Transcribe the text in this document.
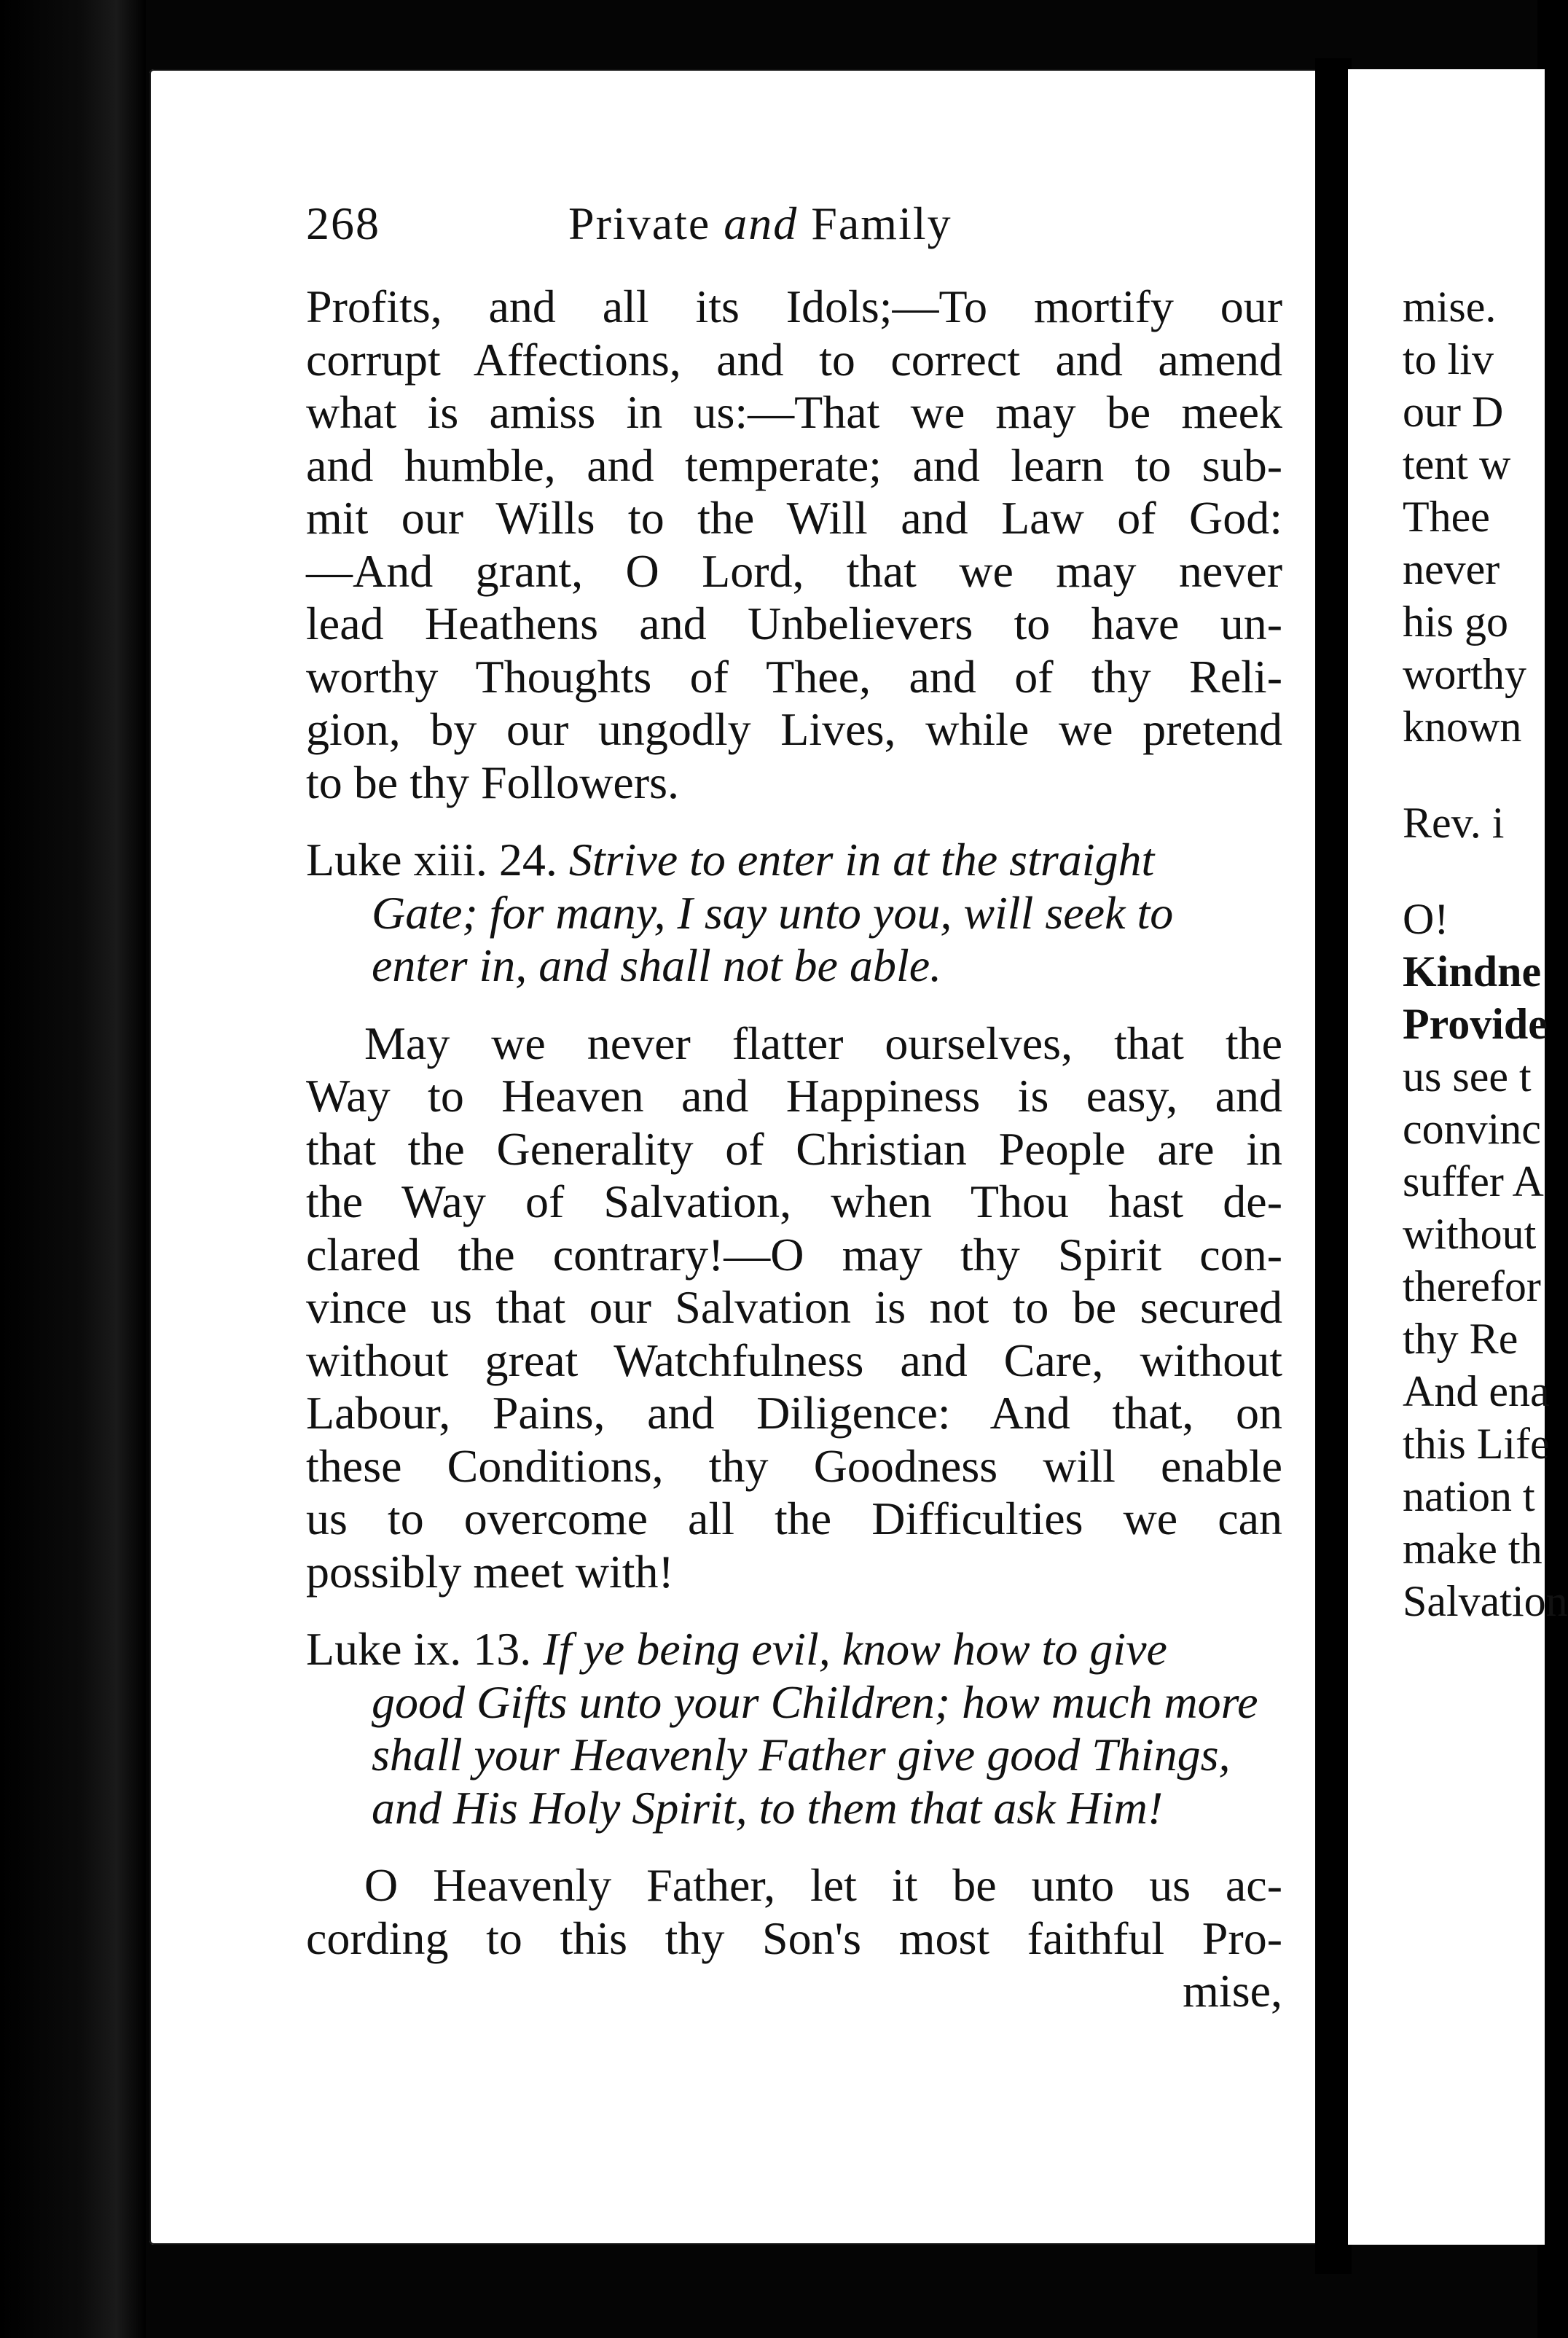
268	Private and Family
Profits, and all its Idols;—To mortify our
corrupt Affections, and to correct and amend
what is amiss in us:—That we may be meek
and humble, and temperate; and learn to sub-
mit our Wills to the Will and Law of God:
—And grant, O Lord, that we may never
lead Heathens and Unbelievers to have un-
worthy Thoughts of Thee, and of thy Reli-
gion, by our ungodly Lives, while we pretend
to be thy Followers.
Luke xiii. 24. Strive to enter in at the straight
Gate; for many, I say unto you, will seek to
enter in, and shall not be able.
May we never flatter ourselves, that the
Way to Heaven and Happiness is easy, and
that the Generality of Christian People are in
the Way of Salvation, when Thou hast de-
clared the contrary!—O may thy Spirit con-
vince us that our Salvation is not to be secured
without great Watchfulness and Care, without
Labour, Pains, and Diligence: And that, on
these Conditions, thy Goodness will enable
us to overcome all the Difficulties we can
possibly meet with!
Luke ix. 13. If ye being evil, know how to give
good Gifts unto your Children; how much more
shall your Heavenly Father give good Things,
and His Holy Spirit, to them that ask Him!
O Heavenly Father, let it be unto us ac-
cording to this thy Son's most faithful Pro-
mise,
mise.
to liv
our D
tent w
Thee
never
his go
worthy
known
Rev. i
O!
Kindne
Provide
us see t
convinc
suffer A
without
therefor
thy Re
And ena
this Life
nation t
make th
Salvation
